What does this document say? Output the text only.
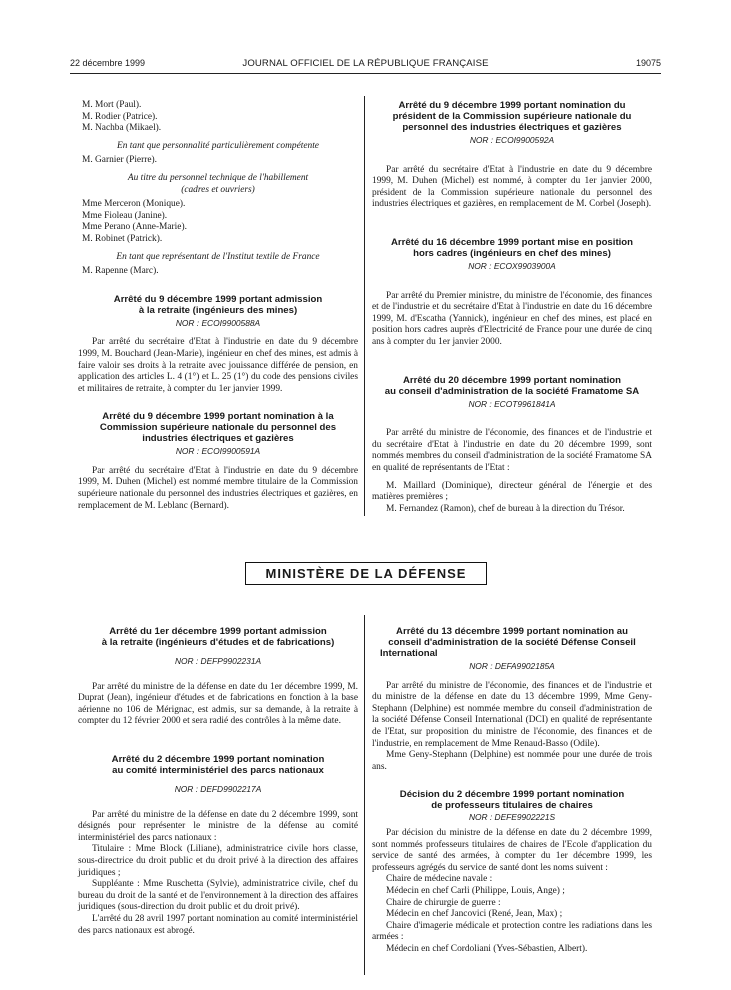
22 décembre 1999	JOURNAL OFFICIEL DE LA RÉPUBLIQUE FRANÇAISE	19075

M. Mort (Paul).

M. Rodier (Patrice).

M. Nachba (Mikael).

En tant que personnalité particulièrement compétente

M. Garnier (Pierre).

Au titre du personnel technique de l'habillement

(cadres et ouvriers)

Mme Merceron (Monique).

Mme Fioleau (Janine).

Mme Perano (Anne-Marie).

M. Robinet (Patrick).

En tant que représentant de l'Institut textile de France

M. Rapenne (Marc).

Arrêté du 9 décembre 1999 portant admission

à la retraite (ingénieurs des mines)

NOR : ECOI9900588A

Par arrêté du secrétaire d'Etat à l'industrie en date du 9 décembre 1999, M. Bouchard (Jean-Marie), ingénieur en chef des mines, est admis à faire valoir ses droits à la retraite avec jouissance différée de pension, en application des articles L. 4 (1°) et L. 25 (1°) du code des pensions civiles et militaires de retraite, à compter du 1er janvier 1999.

Arrêté du 9 décembre 1999 portant nomination à la

Commission supérieure nationale du personnel des

industries électriques et gazières

NOR : ECOI9900591A

Par arrêté du secrétaire d'Etat à l'industrie en date du 9 décembre 1999, M. Duhen (Michel) est nommé membre titulaire de la Commission supérieure nationale du personnel des industries électriques et gazières, en remplacement de M. Leblanc (Bernard).

Arrêté du 9 décembre 1999 portant nomination du

président de la Commission supérieure nationale du

personnel des industries électriques et gazières

NOR : ECOI9900592A

Par arrêté du secrétaire d'Etat à l'industrie en date du 9 décembre 1999, M. Duhen (Michel) est nommé, à compter du 1er janvier 2000, président de la Commission supérieure nationale du personnel des industries électriques et gazières, en remplacement de M. Corbel (Joseph).

Arrêté du 16 décembre 1999 portant mise en position

hors cadres (ingénieurs en chef des mines)

NOR : ECOX9903900A

Par arrêté du Premier ministre, du ministre de l'économie, des finances et de l'industrie et du secrétaire d'Etat à l'industrie en date du 16 décembre 1999, M. d'Escatha (Yannick), ingénieur en chef des mines, est placé en position hors cadres auprès d'Electricité de France pour une durée de cinq ans à compter du 1er janvier 2000.

Arrêté du 20 décembre 1999 portant nomination

au conseil d'administration de la société Framatome SA

NOR : ECOT9961841A

Par arrêté du ministre de l'économie, des finances et de l'industrie et du secrétaire d'Etat à l'industrie en date du 20 décembre 1999, sont nommés membres du conseil d'administration de la société Framatome SA en qualité de représentants de l'Etat :

M. Maillard (Dominique), directeur général de l'énergie et des matières premières ;

M. Fernandez (Ramon), chef de bureau à la direction du Trésor.

MINISTÈRE DE LA DÉFENSE

Arrêté du 1er décembre 1999 portant admission

à la retraite (ingénieurs d'études et de fabrications)

NOR : DEFP9902231A

Par arrêté du ministre de la défense en date du 1er décembre 1999, M. Duprat (Jean), ingénieur d'études et de fabrications en fonction à la base aérienne no 106 de Mérignac, est admis, sur sa demande, à la retraite à compter du 12 février 2000 et sera radié des contrôles à la même date.

Arrêté du 2 décembre 1999 portant nomination

au comité interministériel des parcs nationaux

NOR : DEFD9902217A

Par arrêté du ministre de la défense en date du 2 décembre 1999, sont désignés pour représenter le ministre de la défense au comité interministériel des parcs nationaux :

Titulaire : Mme Block (Liliane), administratrice civile hors classe, sous-directrice du droit public et du droit privé à la direction des affaires juridiques ;

Suppléante : Mme Ruschetta (Sylvie), administratrice civile, chef du bureau du droit de la santé et de l'environnement à la direction des affaires juridiques (sous-direction du droit public et du droit privé).

L'arrêté du 28 avril 1997 portant nomination au comité interministériel des parcs nationaux est abrogé.

Arrêté du 13 décembre 1999 portant nomination au

conseil d'administration de la société Défense Conseil

International

NOR : DEFA9902185A

Par arrêté du ministre de l'économie, des finances et de l'industrie et du ministre de la défense en date du 13 décembre 1999, Mme Geny-Stephann (Delphine) est nommée membre du conseil d'administration de la société Défense Conseil International (DCI) en qualité de représentante de l'Etat, sur proposition du ministre de l'économie, des finances et de l'industrie, en remplacement de Mme Renaud-Basso (Odile).

Mme Geny-Stephann (Delphine) est nommée pour une durée de trois ans.

Décision du 2 décembre 1999 portant nomination

de professeurs titulaires de chaires

NOR : DEFE9902221S

Par décision du ministre de la défense en date du 2 décembre 1999, sont nommés professeurs titulaires de chaires de l'Ecole d'application du service de santé des armées, à compter du 1er décembre 1999, les professeurs agrégés du service de santé dont les noms suivent :

Chaire de médecine navale :

Médecin en chef Carli (Philippe, Louis, Ange) ;

Chaire de chirurgie de guerre :

Médecin en chef Jancovici (René, Jean, Max) ;

Chaire d'imagerie médicale et protection contre les radiations dans les armées :

Médecin en chef Cordoliani (Yves-Sébastien, Albert).
